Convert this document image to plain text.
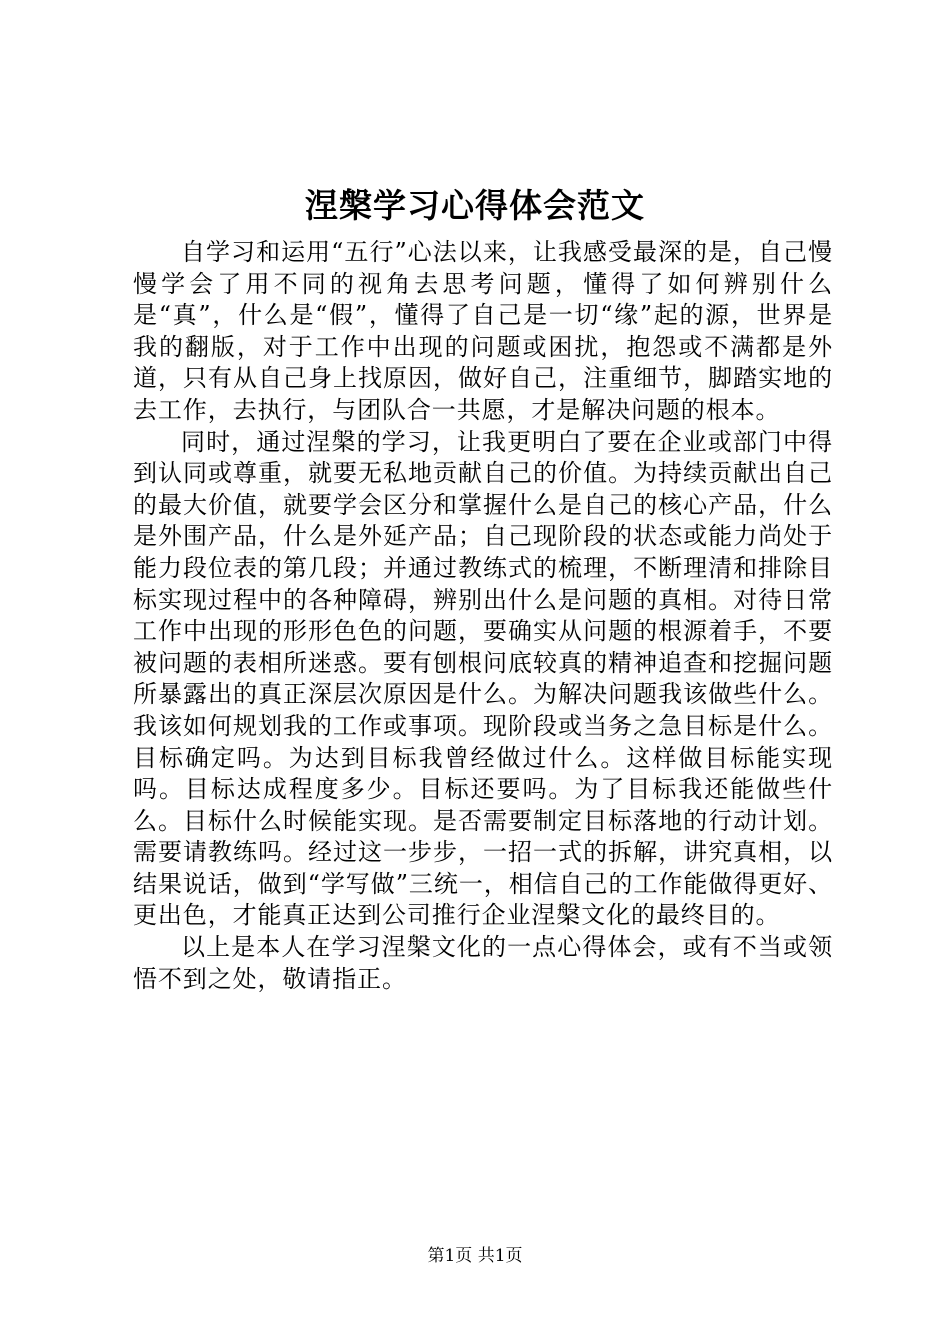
涅槃学习心得体会范文

自学习和运用“五行”心法以来，让我感受最深的是，自己慢慢学会了用不同的视角去思考问题，懂得了如何辨别什么是“真”，什么是“假”，懂得了自己是一切“缘”起的源，世界是我的翻版，对于工作中出现的问题或困扰，抱怨或不满都是外道，只有从自己身上找原因，做好自己，注重细节，脚踏实地的去工作，去执行，与团队合一共愿，才是解决问题的根本。

同时，通过涅槃的学习，让我更明白了要在企业或部门中得到认同或尊重，就要无私地贡献自己的价值。为持续贡献出自己的最大价值，就要学会区分和掌握什么是自己的核心产品，什么是外围产品，什么是外延产品；自己现阶段的状态或能力尚处于能力段位表的第几段；并通过教练式的梳理，不断理清和排除目标实现过程中的各种障碍，辨别出什么是问题的真相。对待日常工作中出现的形形色色的问题，要确实从问题的根源着手，不要被问题的表相所迷惑。要有刨根问底较真的精神追查和挖掘问题所暴露出的真正深层次原因是什么。为解决问题我该做些什么。我该如何规划我的工作或事项。现阶段或当务之急目标是什么。目标确定吗。为达到目标我曾经做过什么。这样做目标能实现吗。目标达成程度多少。目标还要吗。为了目标我还能做些什么。目标什么时候能实现。是否需要制定目标落地的行动计划。需要请教练吗。经过这一步步，一招一式的拆解，讲究真相，以结果说话，做到“学写做”三统一，相信自己的工作能做得更好、更出色，才能真正达到公司推行企业涅槃文化的最终目的。

以上是本人在学习涅槃文化的一点心得体会，或有不当或领悟不到之处，敬请指正。

第1页 共1页
